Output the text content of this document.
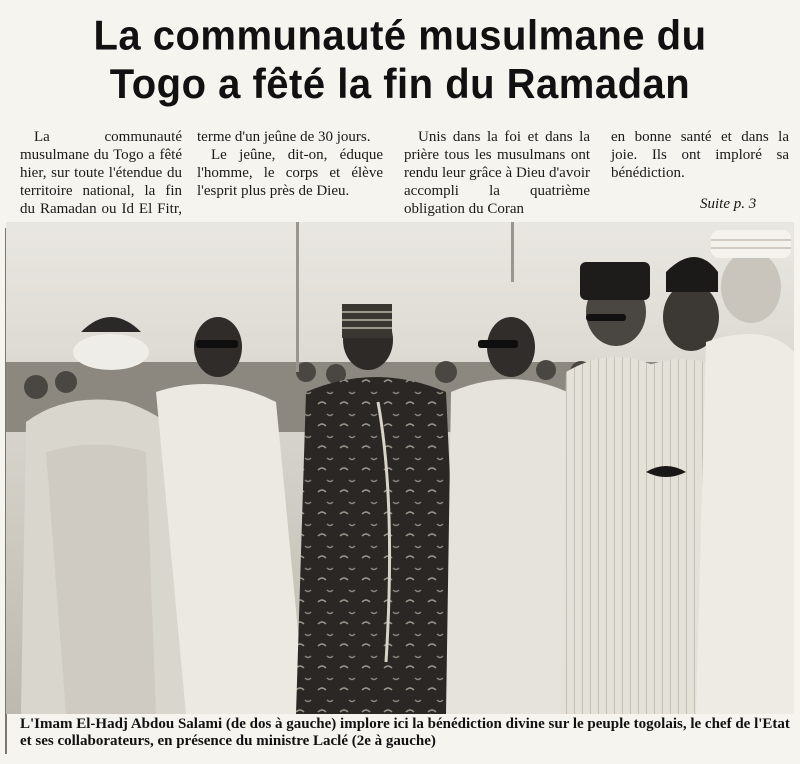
La communauté musulmane du
Togo a fêté la fin du Ramadan

La communauté musulmane du Togo a fêté hier, sur toute l'étendue du territoire national, la fin du Ramadan ou Id El Fitr,

terme d'un jeûne de 30 jours.

Le jeûne, dit-on, éduque l'homme, le corps et élève l'esprit plus près de Dieu.

Unis dans la foi et dans la prière tous les musulmans ont rendu leur grâce à Dieu d'avoir accompli la quatrième obligation du Coran

en bonne santé et dans la joie. Ils ont imploré sa bénédiction.

Suite p. 3
L'Imam El-Hadj Abdou Salami (de dos à gauche) implore ici la bénédiction divine sur le peuple togolais, le chef de l'Etat et ses collaborateurs, en présence du ministre Laclé (2e à gauche)
